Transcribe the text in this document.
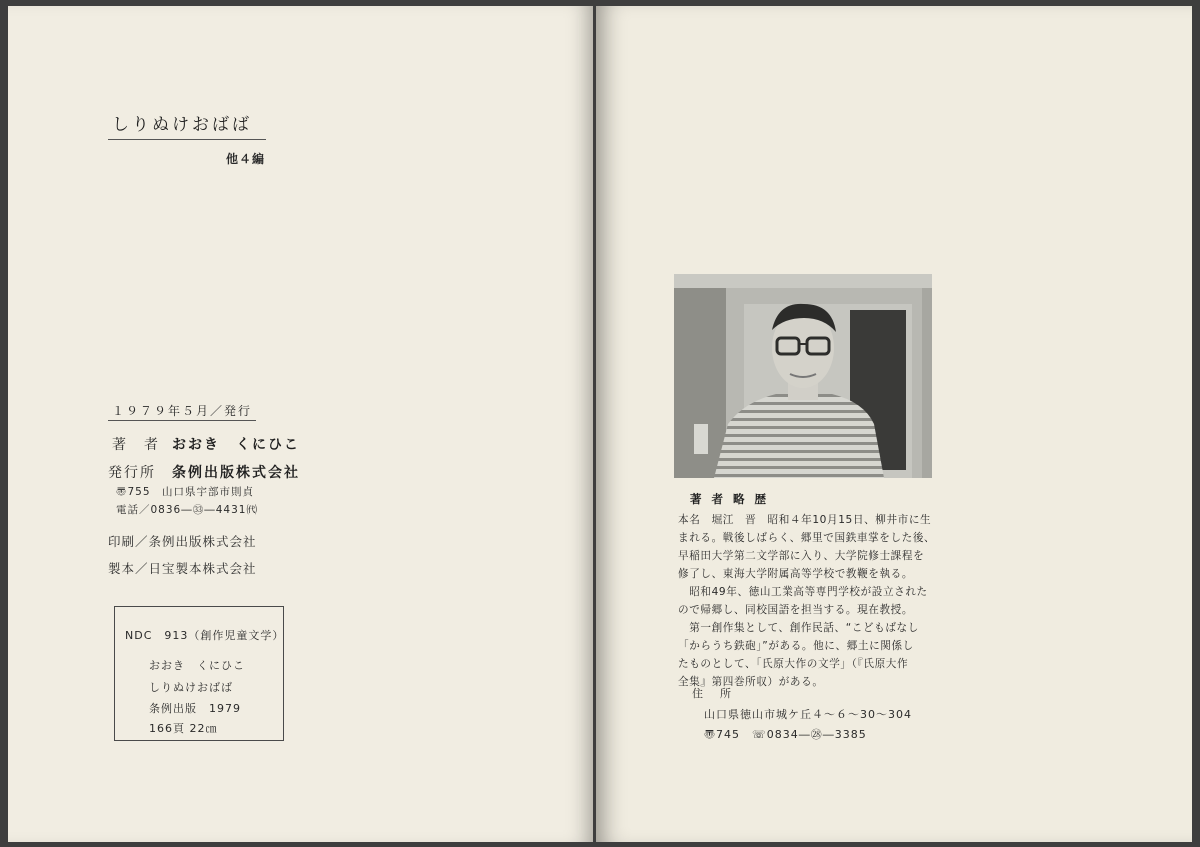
しりぬけおばば
他４編
１９７９年５月／発行
著　者 おおき　くにひこ
発行所 条例出版株式会社
〠755　山口県宇部市則貞
電話／0836―㉝―4431㈹
印刷／条例出版株式会社
製本／日宝製本株式会社
NDC　913（創作児童文学）
おおき　くにひこ
しりぬけおばば
条例出版　1979
166頁 22㎝
著 者 略 歴
本名　堀江　晋　昭和４年10月15日、柳井市に生
まれる。戦後しばらく、郷里で国鉄車掌をした後、
早稲田大学第二文学部に入り、大学院修士課程を
修了し、東海大学附属高等学校で教鞭を執る。
　昭和49年、徳山工業高等専門学校が設立された
ので帰郷し、同校国語を担当する。現在教授。
　第一創作集として、創作民話、“こどもばなし
「からうち鉄砲」”がある。他に、郷土に関係し
たものとして、「氏原大作の文学」（『氏原大作
全集』第四巻所収）がある。
住　所
山口県徳山市城ケ丘４〜６〜30〜304
〠745　☏0834―㉘―3385
